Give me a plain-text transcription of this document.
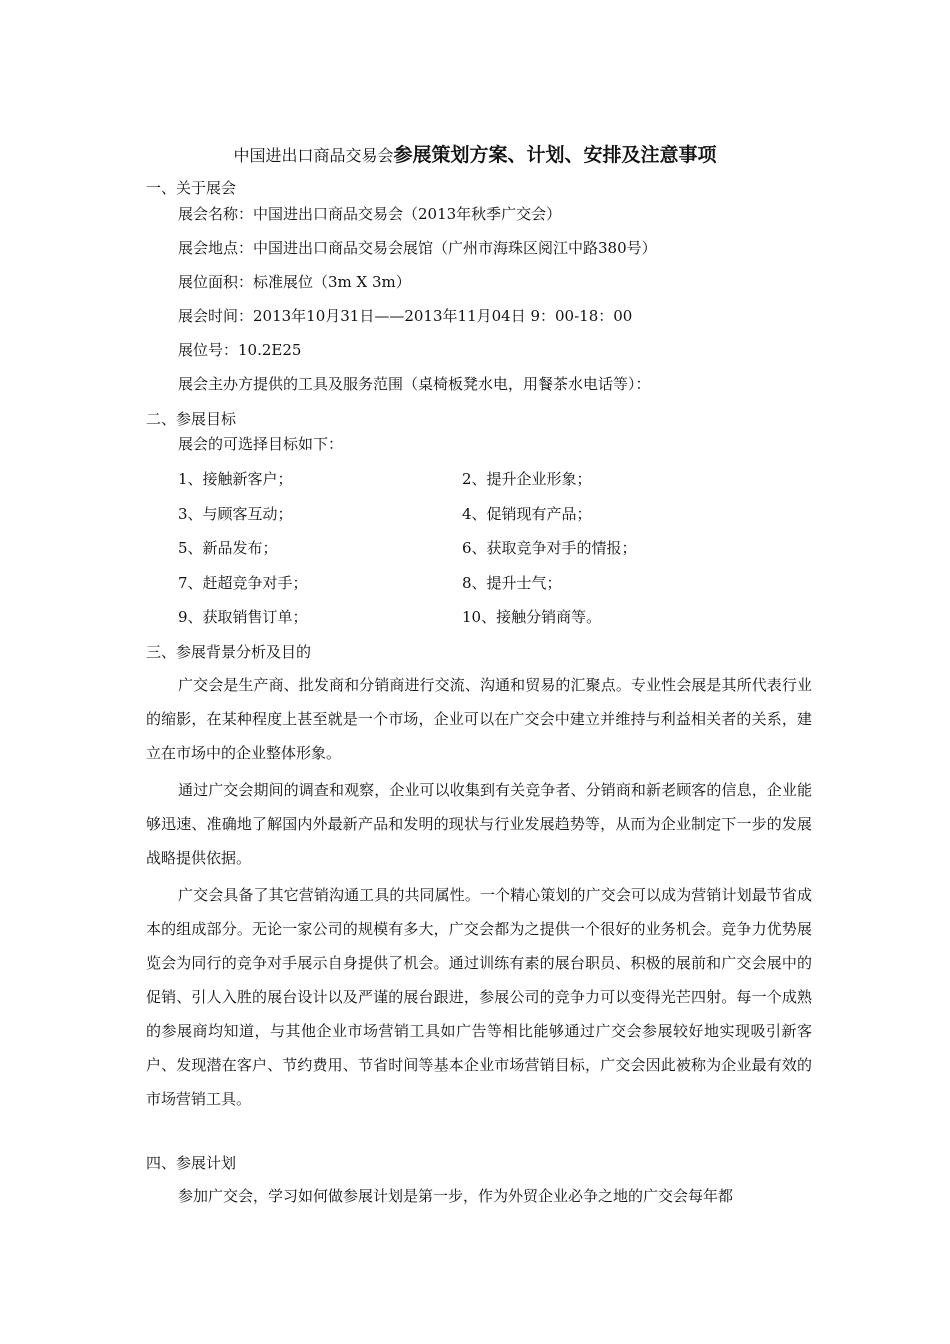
中国进出口商品交易会参展策划方案、计划、安排及注意事项
一、关于展会
展会名称：中国进出口商品交易会（2013年秋季广交会）
展会地点：中国进出口商品交易会展馆（广州市海珠区阅江中路380号）
展位面积：标准展位（3m X 3m）
展会时间：2013年10月31日——2013年11月04日 9：00-18：00
展位号：10.2E25
展会主办方提供的工具及服务范围（桌椅板凳水电，用餐茶水电话等）：
二、参展目标
展会的可选择目标如下：
1、接触新客户；	2、提升企业形象；
3、与顾客互动；	4、促销现有产品；
5、新品发布；	6、获取竞争对手的情报；
7、赶超竞争对手；	8、提升士气；
9、获取销售订单；	10、接触分销商等。
三、参展背景分析及目的

广交会是生产商、批发商和分销商进行交流、沟通和贸易的汇聚点。专业性会展是其所代表行业的缩影，在某种程度上甚至就是一个市场，企业可以在广交会中建立并维持与利益相关者的关系，建立在市场中的企业整体形象。

通过广交会期间的调查和观察，企业可以收集到有关竞争者、分销商和新老顾客的信息，企业能够迅速、准确地了解国内外最新产品和发明的现状与行业发展趋势等，从而为企业制定下一步的发展战略提供依据。

广交会具备了其它营销沟通工具的共同属性。一个精心策划的广交会可以成为营销计划最节省成本的组成部分。无论一家公司的规模有多大，广交会都为之提供一个很好的业务机会。竞争力优势展览会为同行的竞争对手展示自身提供了机会。通过训练有素的展台职员、积极的展前和广交会展中的促销、引人入胜的展台设计以及严谨的展台跟进，参展公司的竞争力可以变得光芒四射。每一个成熟的参展商均知道，与其他企业市场营销工具如广告等相比能够通过广交会参展较好地实现吸引新客户、发现潜在客户、节约费用、节省时间等基本企业市场营销目标，广交会因此被称为企业最有效的市场营销工具。

四、参展计划

参加广交会，学习如何做参展计划是第一步，作为外贸企业必争之地的广交会每年都
